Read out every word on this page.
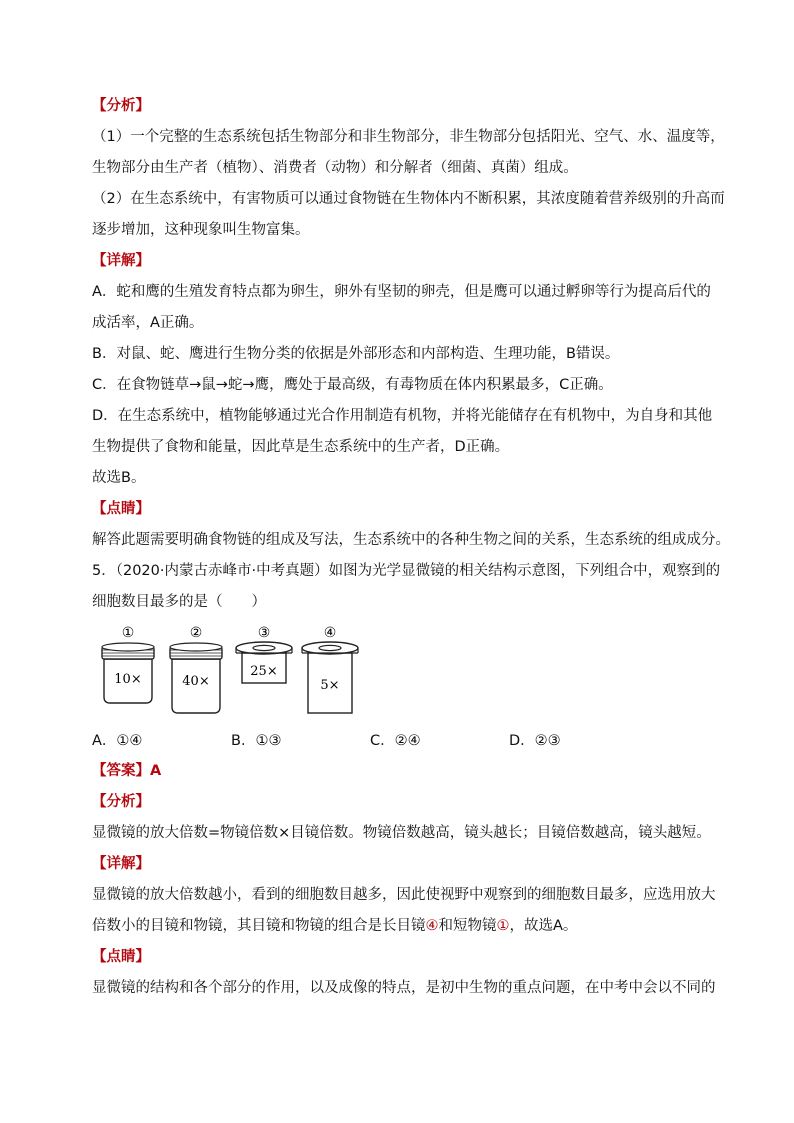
【分析】

（1）一个完整的生态系统包括生物部分和非生物部分，非生物部分包括阳光、空气、水、温度等，

生物部分由生产者（植物）、消费者（动物）和分解者（细菌、真菌）组成。

（2）在生态系统中，有害物质可以通过食物链在生物体内不断积累，其浓度随着营养级别的升高而

逐步增加，这种现象叫生物富集。

【详解】

A．蛇和鹰的生殖发育特点都为卵生，卵外有坚韧的卵壳，但是鹰可以通过孵卵等行为提高后代的

成活率，A正确。

B．对鼠、蛇、鹰进行生物分类的依据是外部形态和内部构造、生理功能，B错误。

C．在食物链草→鼠→蛇→鹰，鹰处于最高级，有毒物质在体内积累最多，C正确。

D．在生态系统中，植物能够通过光合作用制造有机物，并将光能储存在有机物中，为自身和其他

生物提供了食物和能量，因此草是生态系统中的生产者，D正确。

故选B。

【点睛】

解答此题需要明确食物链的组成及写法，生态系统中的各种生物之间的关系，生态系统的组成成分。

5．（2020·内蒙古赤峰市·中考真题）如图为光学显微镜的相关结构示意图，下列组合中，观察到的

细胞数目最多的是（　　）

①
10×
②
40×
③
25×
④
5×
A．①④	B．①③	C．②④	D．②③

【答案】A

【分析】

显微镜的放大倍数=物镜倍数×目镜倍数。物镜倍数越高，镜头越长；目镜倍数越高，镜头越短。

【详解】

显微镜的放大倍数越小，看到的细胞数目越多，因此使视野中观察到的细胞数目最多，应选用放大

倍数小的目镜和物镜，其目镜和物镜的组合是长目镜④和短物镜①，故选A。

【点睛】

显微镜的结构和各个部分的作用，以及成像的特点，是初中生物的重点问题，在中考中会以不同的
